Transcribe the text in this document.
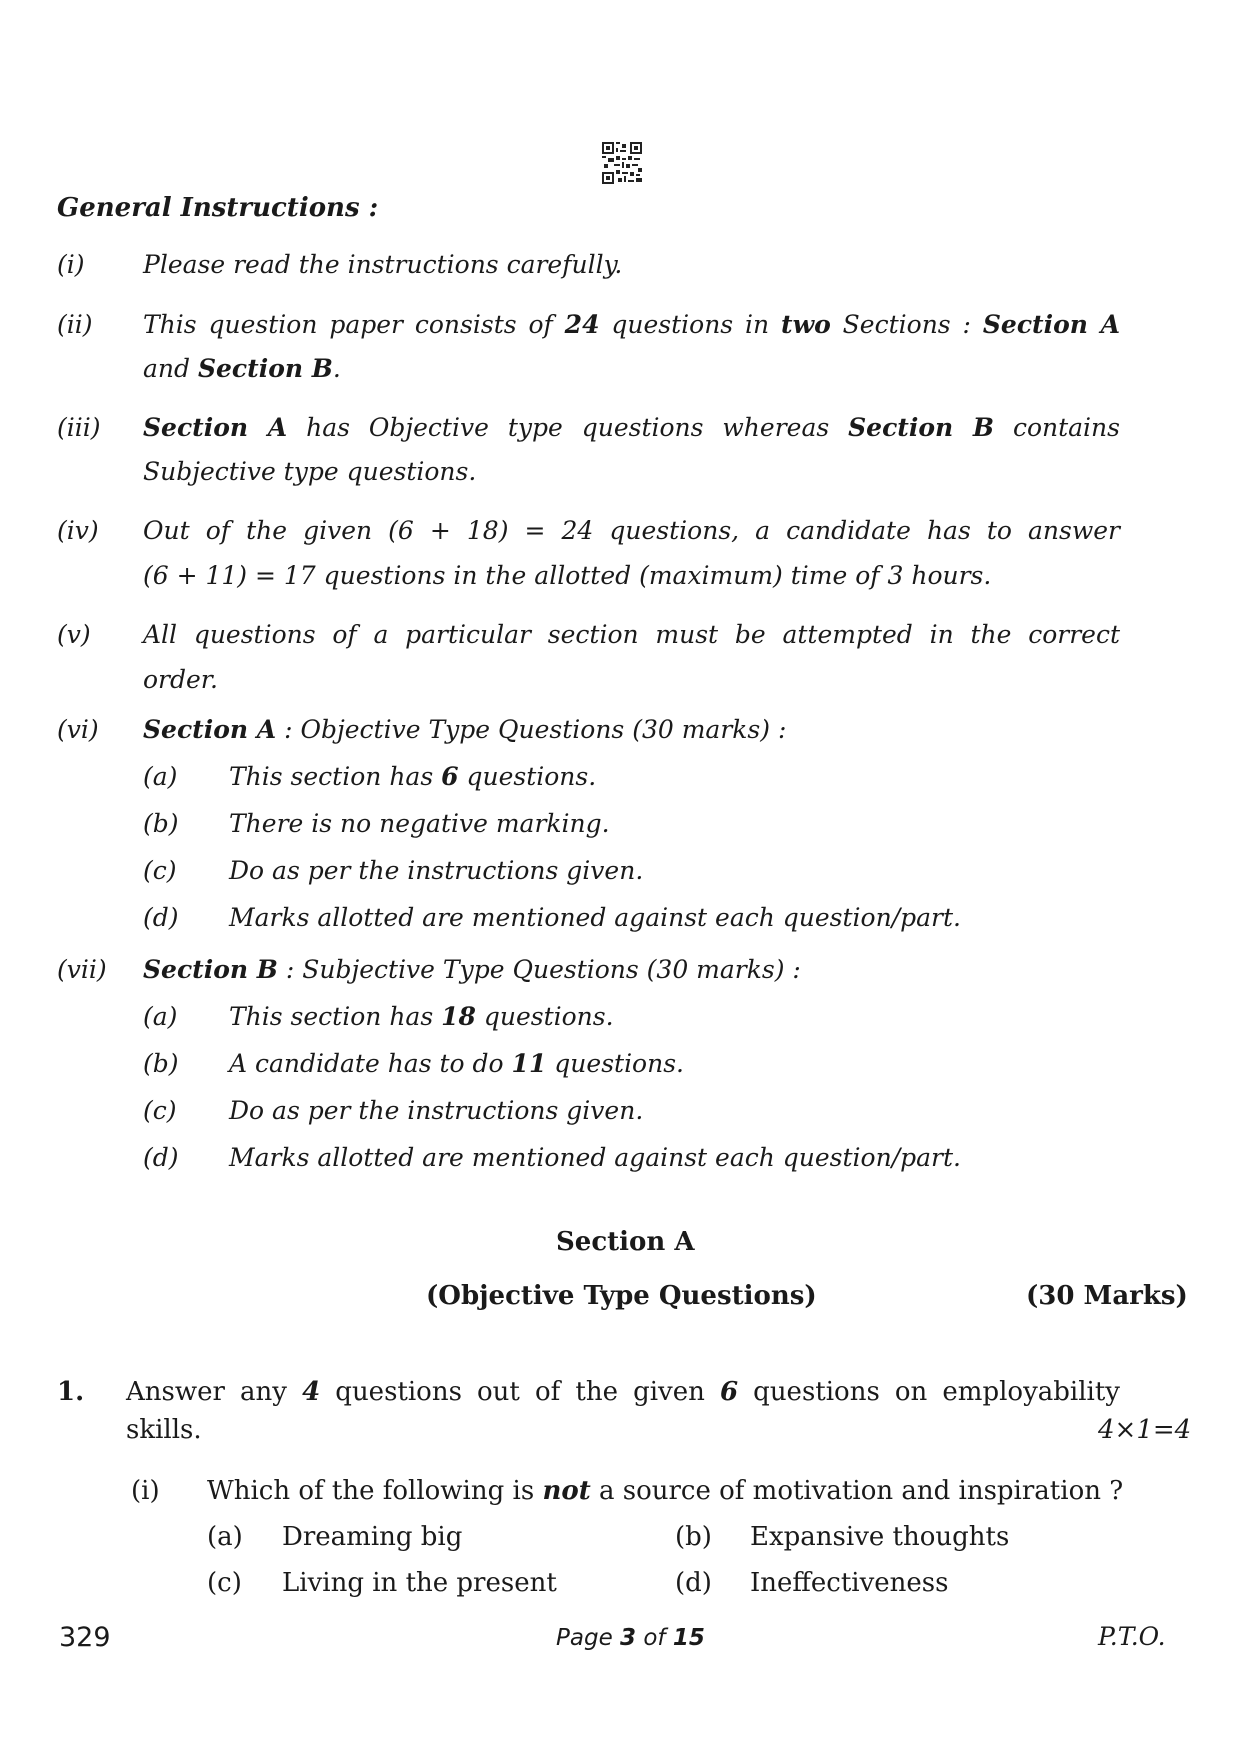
General Instructions :
(i) Please read the instructions carefully.
(ii) This question paper consists of 24 questions in two Sections : Section A
and Section B.
(iii) Section A has Objective type questions whereas Section B contains
Subjective type questions.
(iv) Out of the given (6 + 18) = 24 questions, a candidate has to answer
(6 + 11) = 17 questions in the allotted (maximum) time of 3 hours.
(v) All questions of a particular section must be attempted in the correct
order.
(vi) Section A : Objective Type Questions (30 marks) :
(a) This section has 6 questions.
(b) There is no negative marking.
(c) Do as per the instructions given.
(d) Marks allotted are mentioned against each question/part.
(vii) Section B : Subjective Type Questions (30 marks) :
(a) This section has 18 questions.
(b) A candidate has to do 11 questions.
(c) Do as per the instructions given.
(d) Marks allotted are mentioned against each question/part.
Section A
(Objective Type Questions)	(30 Marks)
1. Answer any 4 questions out of the given 6 questions on employability
skills.	4×1=4
(i) Which of the following is not a source of motivation and inspiration ?
(a) Dreaming big	(b) Expansive thoughts
(c) Living in the present	(d) Ineffectiveness
329	Page 3 of 15	P.T.O.
